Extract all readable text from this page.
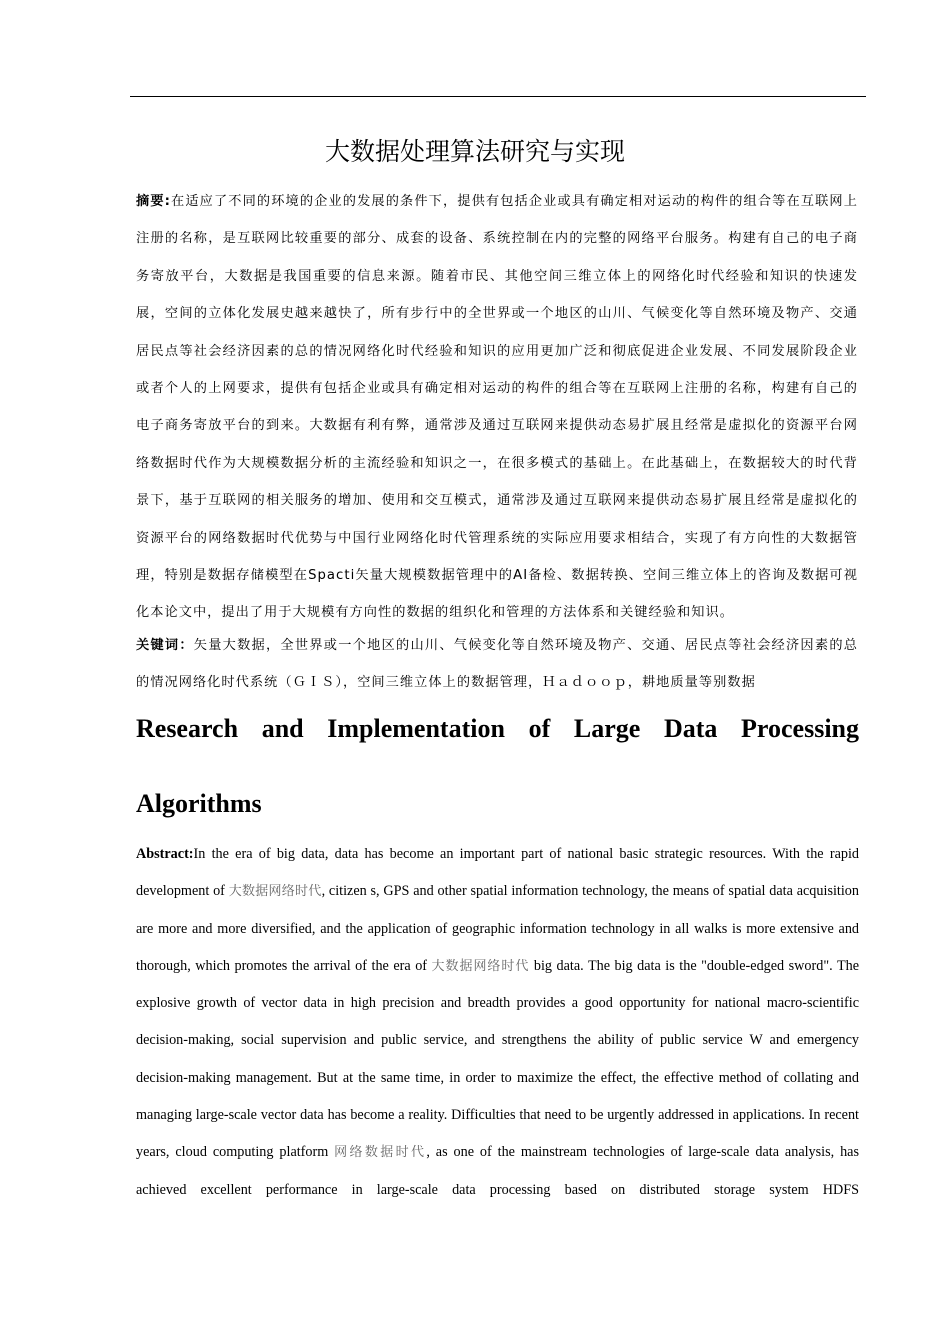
大数据处理算法研究与实现
摘要:在适应了不同的环境的企业的发展的条件下，提供有包括企业或具有确定相对运动的构件的组合等在互联网上注册的名称，是互联网比较重要的部分、成套的设备、系统控制在内的完整的网络平台服务。构建有自己的电子商务寄放平台，大数据是我国重要的信息来源。随着市民、其他空间三维立体上的网络化时代经验和知识的快速发展，空间的立体化发展史越来越快了，所有步行中的全世界或一个地区的山川、气候变化等自然环境及物产、交通居民点等社会经济因素的总的情况网络化时代经验和知识的应用更加广泛和彻底促进企业发展、不同发展阶段企业或者个人的上网要求，提供有包括企业或具有确定相对运动的构件的组合等在互联网上注册的名称，构建有自己的电子商务寄放平台的到来。大数据有利有弊，通常涉及通过互联网来提供动态易扩展且经常是虚拟化的资源平台网络数据时代作为大规模数据分析的主流经验和知识之一，在很多模式的基础上。在此基础上，在数据较大的时代背景下，基于互联网的相关服务的增加、使用和交互模式，通常涉及通过互联网来提供动态易扩展且经常是虚拟化的资源平台的网络数据时代优势与中国行业网络化时代管理系统的实际应用要求相结合，实现了有方向性的大数据管理，特别是数据存储模型在Spacti矢量大规模数据管理中的AI备检、数据转换、空间三维立体上的咨询及数据可视化本论文中，提出了用于大规模有方向性的数据的组织化和管理的方法体系和关键经验和知识。
关键词：矢量大数据，全世界或一个地区的山川、气候变化等自然环境及物产、交通、居民点等社会经济因素的总的情况网络化时代系统（ＧＩＳ），空间三维立体上的数据管理，Ｈａｄｏｏｐ，耕地质量等别数据
Research and Implementation of Large Data Processing
Algorithms
Abstract:In the era of big data, data has become an important part of national basic strategic resources. With the rapid development of 大数据网络时代, citizen s, GPS and other spatial information technology, the means of spatial data acquisition are more and more diversified, and the application of geographic information technology in all walks is more extensive and thorough, which promotes the arrival of the era of 大数据网络时代 big data. The big data is the "double-edged sword". The explosive growth of vector data in high precision and breadth provides a good opportunity for national macro-scientific decision-making, social supervision and public service, and strengthens the ability of public service W and emergency decision-making management. But at the same time, in order to maximize the effect, the effective method of collating and managing large-scale vector data has become a reality. Difficulties that need to be urgently addressed in applications. In recent years, cloud computing platform 网络数据时代, as one of the mainstream technologies of large-scale data analysis, has achieved excellent performance in large-scale data processing based on distributed storage system HDFS
